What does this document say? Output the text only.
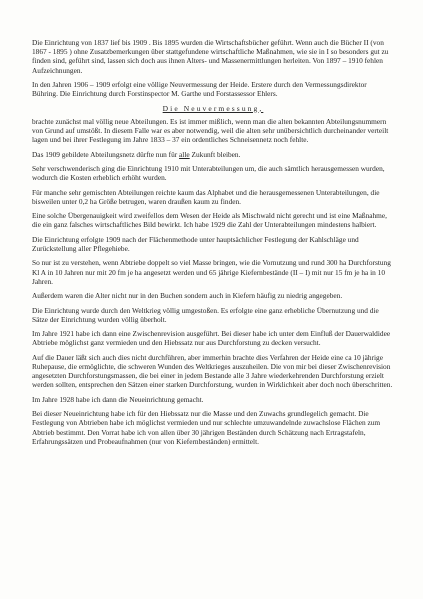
Die Einrichtung von 1837 lief bis 1909 . Bis 1895 wurden die Wirtschaftsbücher geführt. Wenn auch die Bücher II (von 1867 - 1895 ) ohne Zusatzbemerkungen über stattgefundene wirtschaftliche Maßnahmen, wie sie in I so besonders gut zu finden sind, geführt sind, lassen sich doch aus ihnen Alters- und Massenermittlungen herleiten. Von 1897 – 1910 fehlen Aufzeichnungen.

In den Jahren 1906 – 1909 erfolgt eine völlige Neuvermessung der Heide. Erstere durch den Vermessungsdirektor Bühring. Die Einrichtung durch Forstinspector M. Garthe und Forstassessor Ehlers.

Die Neuvermessung,

brachte zunächst mal völlig neue Abteilungen. Es ist immer mißlich, wenn man die alten bekannten Abteilungsnummern von Grund auf umstößt. In diesem Falle war es aber notwendig, weil die alten sehr unübersichtlich durcheinander verteilt lagen und bei ihrer Festlegung im Jahre 1833 – 37 ein ordentliches Schneisennetz noch fehlte.

Das 1909 gebildete Abteilungsnetz dürfte nun für alle Zukunft bleiben.

Sehr verschwenderisch ging die Einrichtung 1910 mit Unterabteilungen um, die auch sämtlich herausgemessen wurden, wodurch die Kosten erheblich erhöht wurden.

Für manche sehr gemischten Abteilungen reichte kaum das Alphabet und die herausgemessenen Unterabteilungen, die bisweilen unter 0,2 ha Größe betrugen, waren draußen kaum zu finden.

Eine solche Übergenauigkeit wird zweifellos dem Wesen der Heide als Mischwald nicht gerecht und ist eine Maßnahme, die ein ganz falsches wirtschaftliches Bild bewirkt. Ich habe 1929 die Zahl der Unterabteilungen mindestens halbiert.

Die Einrichtung erfolgte 1909 nach der Flächenmethode unter hauptsächlicher Festlegung der Kahlschläge und Zurückstellung aller Pflegehiebe.

So nur ist zu verstehen, wenn Abtriebe doppelt so viel Masse bringen, wie die Vornutzung und rund 300 ha Durchforstung Kl A in 10 Jahren nur mit 20 fm je ha angesetzt werden und 65 jährige Kiefernbestände (II – I) mit nur 15 fm je ha in 10 Jahren.

Außerdem waren die Alter nicht nur in den Buchen sondern auch in Kiefern häufig zu niedrig angegeben.

Die Einrichtung wurde durch den Weltkrieg völlig umgestoßen. Es erfolgte eine ganz erhebliche Übernutzung und die Sätze der Einrichtung wurden völlig überholt.

Im Jahre 1921 habe ich dann eine Zwischenrevision ausgeführt. Bei dieser habe ich unter dem Einfluß der Dauerwaldidee Abtriebe möglichst ganz vermieden und den Hiebssatz nur aus Durchforstung zu decken versucht.

Auf die Dauer läßt sich auch dies nicht durchführen, aber immerhin brachte dies Verfahren der Heide eine ca 10 jährige Ruhepause, die ermöglichte, die schweren Wunden des Weltkrieges auszuheilen. Die von mir bei dieser Zwischenrevision angesetzten Durchforstungsmassen, die bei einer in jedem Bestande alle 3 Jahre wiederkehrenden Durchforstung erzielt werden sollten, entsprechen den Sätzen einer starken Durchforstung, wurden in Wirklichkeit aber doch noch überschritten.

Im Jahre 1928 habe ich dann die Neueinrichtung gemacht.

Bei dieser Neueinrichtung habe ich für den Hiebssatz nur die Masse und den Zuwachs grundlegelich gemacht. Die Festlegung von Abtrieben habe ich möglichst vermieden und nur schlechte umzuwandelnde zuwachslose Flächen zum Abtrieb bestimmt. Den Vorrat habe ich von allen über 30 jährigen Beständen durch Schätzung nach Ertragstafeln, Erfahrungssätzen und Probeaufnahmen (nur von Kiefernbeständen) ermittelt.
